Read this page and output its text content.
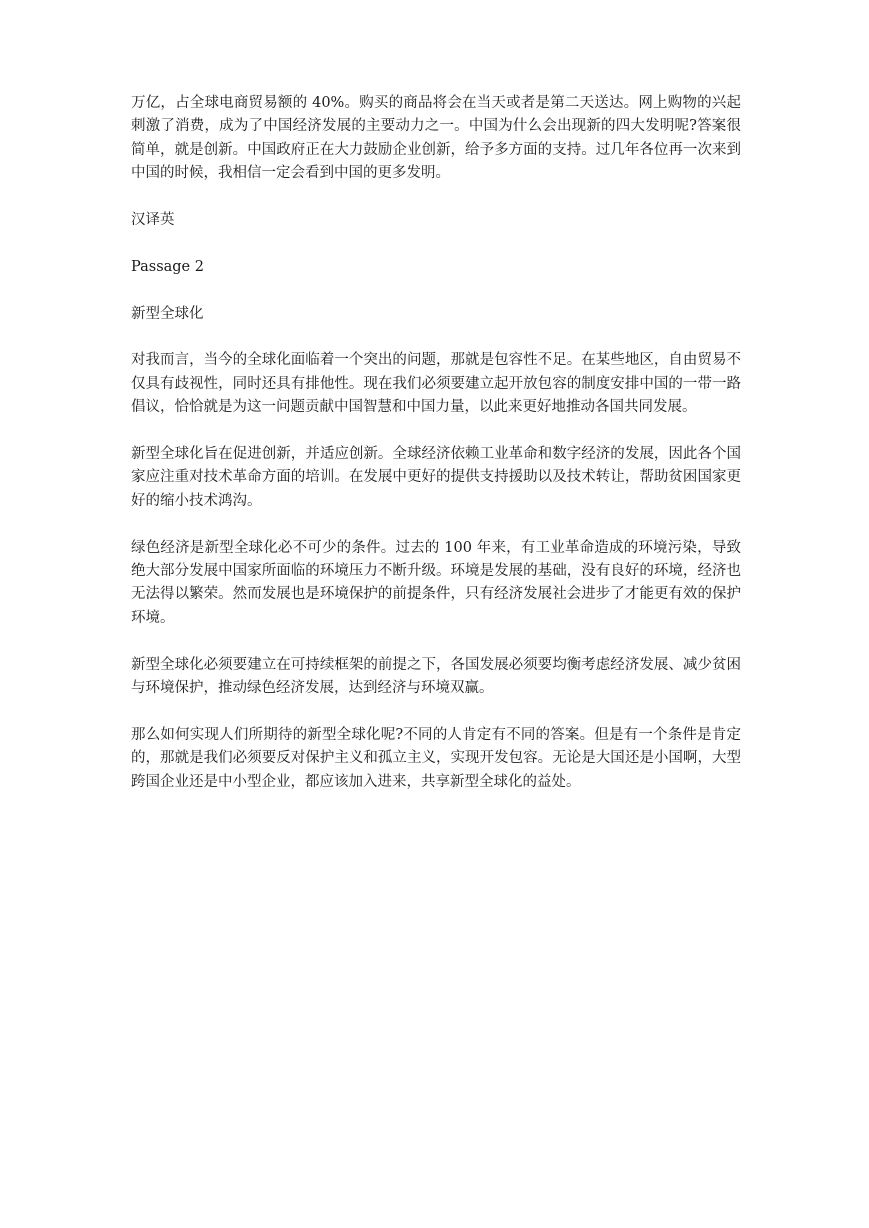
万亿，占全球电商贸易额的 40%。购买的商品将会在当天或者是第二天送达。网上购物的兴起刺激了消费，成为了中国经济发展的主要动力之一。中国为什么会出现新的四大发明呢?答案很简单，就是创新。中国政府正在大力鼓励企业创新，给予多方面的支持。过几年各位再一次来到中国的时候，我相信一定会看到中国的更多发明。

汉译英

Passage 2

新型全球化

对我而言，当今的全球化面临着一个突出的问题，那就是包容性不足。在某些地区，自由贸易不仅具有歧视性，同时还具有排他性。现在我们必须要建立起开放包容的制度安排中国的一带一路倡议，恰恰就是为这一问题贡献中国智慧和中国力量，以此来更好地推动各国共同发展。

新型全球化旨在促进创新，并适应创新。全球经济依赖工业革命和数字经济的发展，因此各个国家应注重对技术革命方面的培训。在发展中更好的提供支持援助以及技术转让，帮助贫困国家更好的缩小技术鸿沟。

绿色经济是新型全球化必不可少的条件。过去的 100 年来，有工业革命造成的环境污染，导致绝大部分发展中国家所面临的环境压力不断升级。环境是发展的基础，没有良好的环境，经济也无法得以繁荣。然而发展也是环境保护的前提条件，只有经济发展社会进步了才能更有效的保护环境。

新型全球化必须要建立在可持续框架的前提之下，各国发展必须要均衡考虑经济发展、减少贫困与环境保护，推动绿色经济发展，达到经济与环境双赢。

那么如何实现人们所期待的新型全球化呢?不同的人肯定有不同的答案。但是有一个条件是肯定的，那就是我们必须要反对保护主义和孤立主义，实现开发包容。无论是大国还是小国啊，大型跨国企业还是中小型企业，都应该加入进来，共享新型全球化的益处。
